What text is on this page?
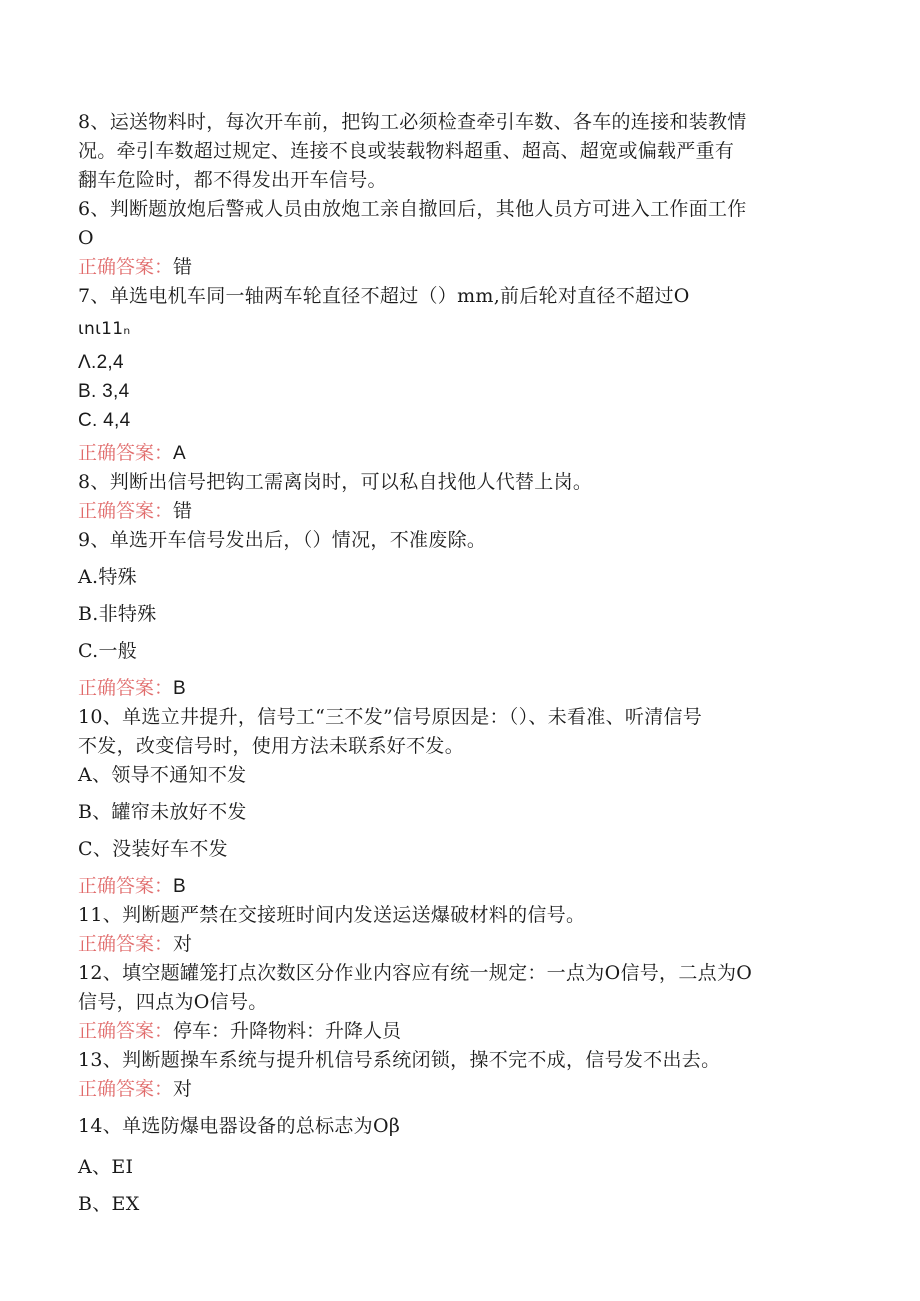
8、运送物料时，每次开车前，把钩工必须检查牵引车数、各车的连接和装教情
况。牵引车数超过规定、连接不良或装载物料超重、超高、超宽或偏载严重有
翻车危险时，都不得发出开车信号。
6、判断题放炮后警戒人员由放炮工亲自撤回后，其他人员方可进入工作面工作
O
正确答案：错
7、单选电机车同一轴两车轮直径不超过（）mm,前后轮对直径不超过O
ιnι11ₙ
Λ.2,4
B. 3,4
C. 4,4
正确答案：A
8、判断出信号把钩工需离岗时，可以私自找他人代替上岗。
正确答案：错
9、单选开车信号发出后，（）情况，不准废除。
A.特殊
B.非特殊
C.一般
正确答案：B
10、单选立井提升，信号工“三不发”信号原因是：（）、未看准、听清信号
不发，改变信号时，使用方法未联系好不发。
A、领导不通知不发
B、罐帘未放好不发
C、没装好车不发
正确答案：B
11、判断题严禁在交接班时间内发送运送爆破材料的信号。
正确答案：对
12、填空题罐笼打点次数区分作业内容应有统一规定：一点为O信号，二点为O
信号，四点为O信号。
正确答案：停车：升降物料：升降人员
13、判断题操车系统与提升机信号系统闭锁，操不完不成，信号发不出去。
正确答案：对
14、单选防爆电器设备的总标志为Oβ
A、EI
B、EX
